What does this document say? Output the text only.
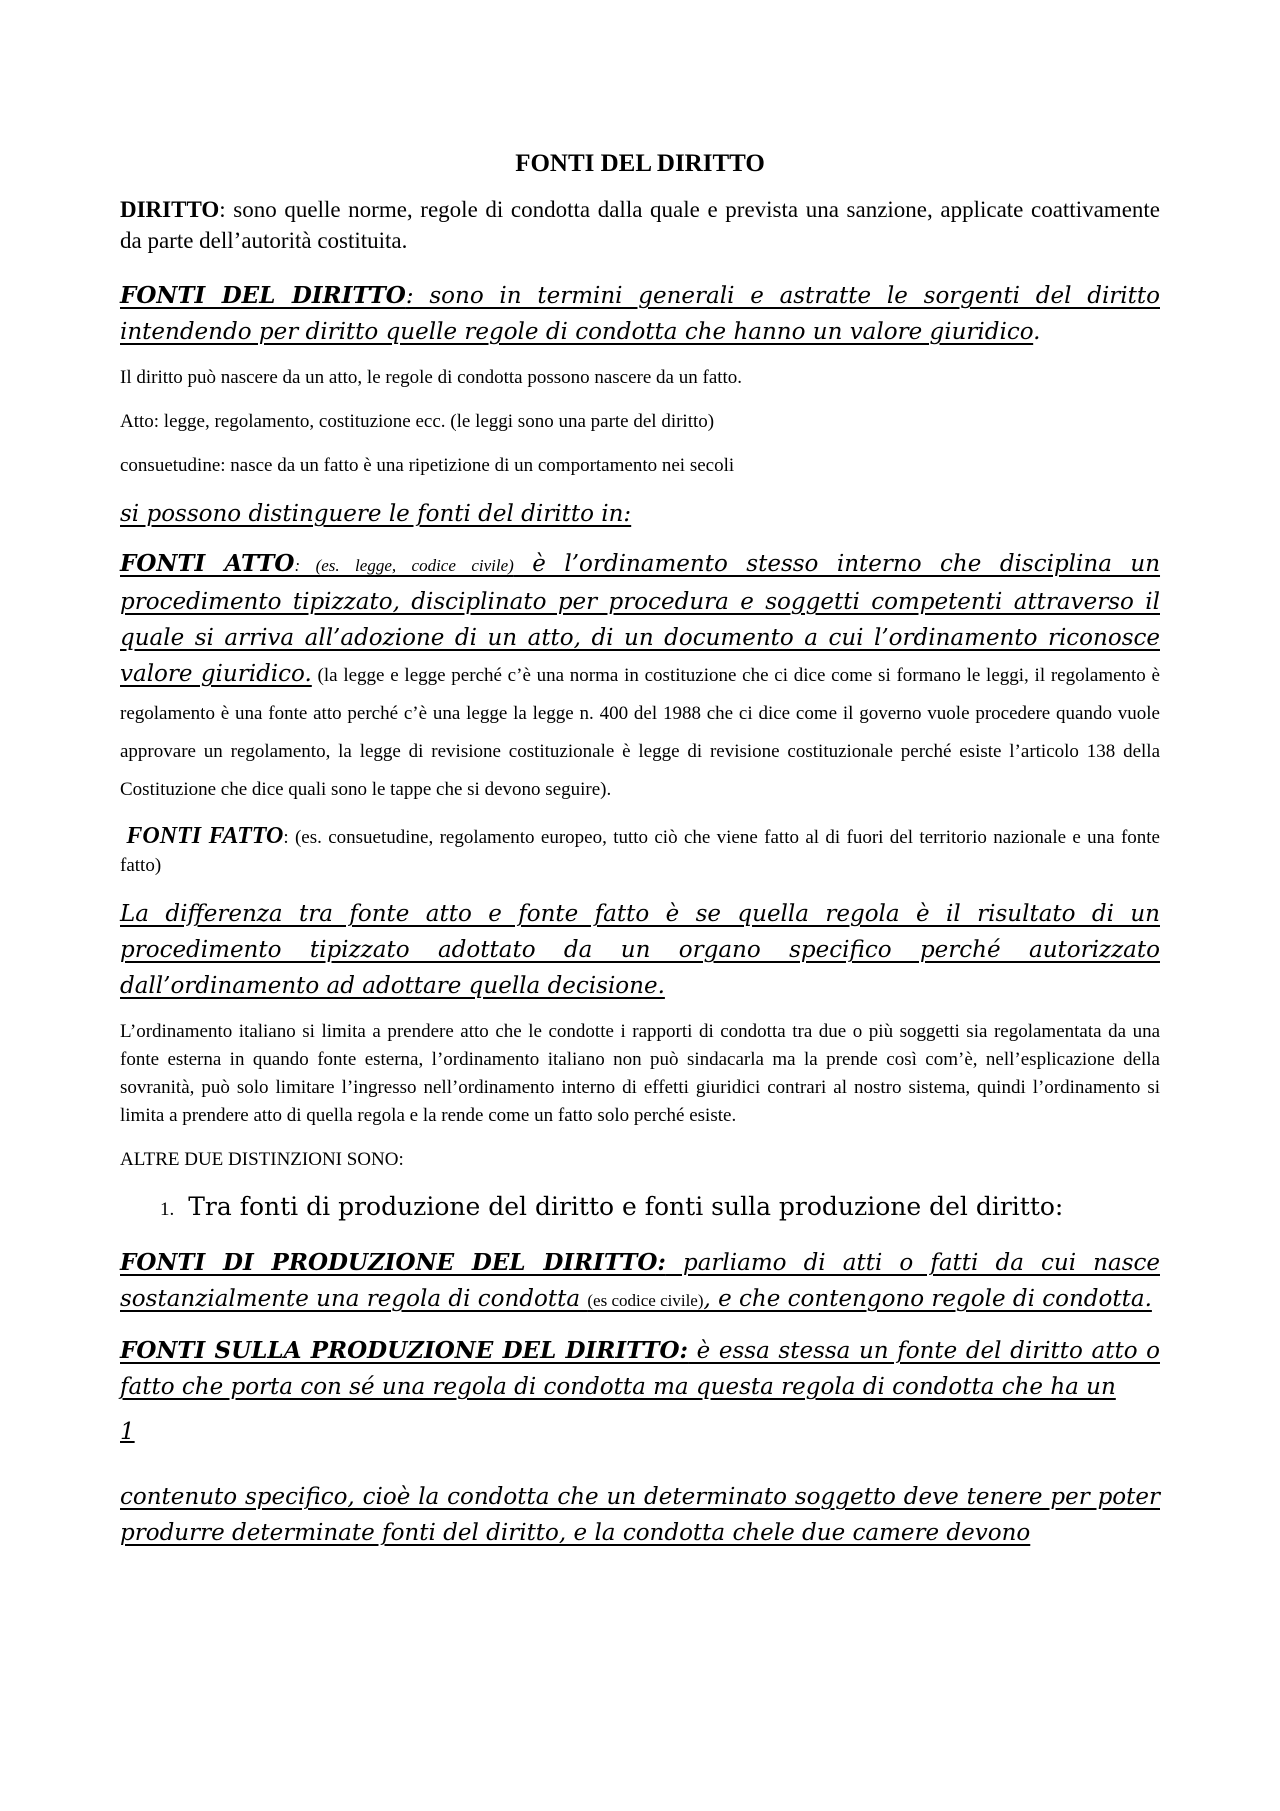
FONTI DEL DIRITTO

DIRITTO: sono quelle norme, regole di condotta dalla quale e prevista una sanzione, applicate coattivamente da parte dell’autorità costituita.

FONTI DEL DIRITTO: sono in termini generali e astratte le sorgenti del diritto intendendo per diritto quelle regole di condotta che hanno un valore giuridico.

Il diritto può nascere da un atto, le regole di condotta possono nascere da un fatto.

Atto: legge, regolamento, costituzione ecc. (le leggi sono una parte del diritto)

consuetudine: nasce da un fatto è una ripetizione di un comportamento nei secoli

si possono distinguere le fonti del diritto in:

FONTI ATTO: (es. legge, codice civile) è l’ordinamento stesso interno che disciplina un procedimento tipizzato, disciplinato per procedura e soggetti competenti attraverso il quale si arriva all’adozione di un atto, di un documento a cui l’ordinamento riconosce valore giuridico. (la legge e legge perché c’è una norma in costituzione che ci dice come si formano le leggi, il regolamento è regolamento è una fonte atto perché c’è una legge la legge n. 400 del 1988 che ci dice come il governo vuole procedere quando vuole approvare un regolamento, la legge di revisione costituzionale è legge di revisione costituzionale perché esiste l’articolo 138 della Costituzione che dice quali sono le tappe che si devono seguire).

FONTI FATTO: (es. consuetudine, regolamento europeo, tutto ciò che viene fatto al di fuori del territorio nazionale e una fonte fatto)

La differenza tra fonte atto e fonte fatto è se quella regola è il risultato di un procedimento tipizzato adottato da un organo specifico perché autorizzato dall’ordinamento ad adottare quella decisione.

L’ordinamento italiano si limita a prendere atto che le condotte i rapporti di condotta tra due o più soggetti sia regolamentata da una fonte esterna in quando fonte esterna, l’ordinamento italiano non può sindacarla ma la prende così com’è, nell’esplicazione della sovranità, può solo limitare l’ingresso nell’ordinamento interno di effetti giuridici contrari al nostro sistema, quindi l’ordinamento si limita a prendere atto di quella regola e la rende come un fatto solo perché esiste.

ALTRE DUE DISTINZIONI SONO:

1. Tra fonti di produzione del diritto e fonti sulla produzione del diritto:

FONTI DI PRODUZIONE DEL DIRITTO: parliamo di atti o fatti da cui nasce sostanzialmente una regola di condotta (es codice civile), e che contengono regole di condotta.

FONTI SULLA PRODUZIONE DEL DIRITTO: è essa stessa un fonte del diritto atto o fatto che porta con sé una regola di condotta ma questa regola di condotta che ha un

1

contenuto specifico, cioè la condotta che un determinato soggetto deve tenere per poter produrre determinate fonti del diritto, e la condotta chele due camere devono
